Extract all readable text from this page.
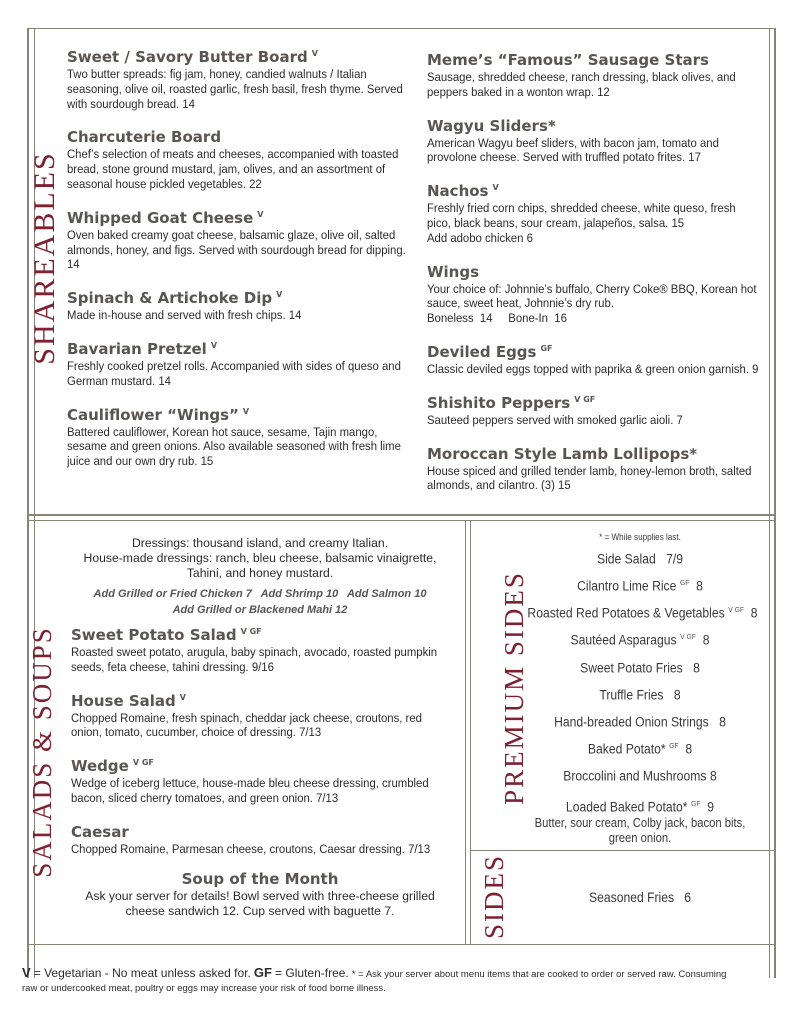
SHAREABLES
SALADS & SOUPS	PREMIUM SIDES
SIDES
Sweet / Savory Butter Board $^V$
Two butter spreads: fig jam, honey, candied walnuts / Italian seasoning, olive oil, roasted garlic, fresh basil, fresh thyme. Served with sourdough bread. 14
Charcuterie Board
Chef’s selection of meats and cheeses, accompanied with toasted bread, stone ground mustard, jam, olives, and an assortment of seasonal house pickled vegetables. 22
Whipped Goat Cheese $^V$
Oven baked creamy goat cheese, balsamic glaze, olive oil, salted almonds, honey, and figs. Served with sourdough bread for dipping. 14
Spinach & Artichoke Dip $^V$
Made in-house and served with fresh chips. 14
Bavarian Pretzel $^V$
Freshly cooked pretzel rolls. Accompanied with sides of queso and German mustard. 14
Cauliflower “Wings” $^V$
Battered cauliflower, Korean hot sauce, sesame, Tajin mango, sesame and green onions. Also available seasoned with fresh lime juice and our own dry rub. 15
Meme’s “Famous” Sausage Stars
Sausage, shredded cheese, ranch dressing, black olives, and peppers baked in a wonton wrap. 12
Wagyu Sliders*
American Wagyu beef sliders, with bacon jam, tomato and provolone cheese. Served with truffled potato frites. 17
Nachos $^V$
Freshly fried corn chips, shredded cheese, white queso, fresh pico, black beans, sour cream, jalapeños, salsa. 15
Add adobo chicken 6
Wings
Your choice of: Johnnie’s buffalo, Cherry Coke® BBQ, Korean hot sauce, sweet heat, Johnnie’s dry rub.
Boneless  14     Bone-In  16
Deviled Eggs $^{GF}$
Classic deviled eggs topped with paprika & green onion garnish. 9
Shishito Peppers $^{V GF}$
Sauteed peppers served with smoked garlic aioli. 7
Moroccan Style Lamb Lollipops*
House spiced and grilled tender lamb, honey-lemon broth, salted almonds, and cilantro. (3) 15
Dressings: thousand island, and creamy Italian.
House-made dressings: ranch, bleu cheese, balsamic vinaigrette,
Tahini, and honey mustard.
Add Grilled or Fried Chicken 7   Add Shrimp 10   Add Salmon 10
Add Grilled or Blackened Mahi 12
Sweet Potato Salad $^{V GF}$
Roasted sweet potato, arugula, baby spinach, avocado, roasted pumpkin seeds, feta cheese, tahini dressing. 9/16
House Salad $^V$
Chopped Romaine, fresh spinach, cheddar jack cheese, croutons, red onion, tomato, cucumber, choice of dressing. 7/13
Wedge $^{V GF}$
Wedge of iceberg lettuce, house-made bleu cheese dressing, crumbled bacon, sliced cherry tomatoes, and green onion. 7/13
Caesar
Chopped Romaine, Parmesan cheese, croutons, Caesar dressing. 7/13
Soup of the Month
Ask your server for details! Bowl served with three-cheese grilled
cheese sandwich 12. Cup served with baguette 7.
* = While supplies last.
Side Salad 7/9
Cilantro Lime Rice $^{GF}$ 8
Roasted Red Potatoes & Vegetables $^{V GF}$ 8
Sautéed Asparagus $^{V GF}$ 8
Sweet Potato Fries 8
Truffle Fries 8
Hand-breaded Onion Strings 8
Baked Potato* $^{GF}$ 8
Broccolini and Mushrooms 8
Loaded Baked Potato* $^{GF}$ 9
Butter, sour cream, Colby jack, bacon bits,
green onion.
Seasoned Fries 6
V = Vegetarian - No meat unless asked for. GF = Gluten-free. * = Ask your server about menu items that are cooked to order or served raw. Consuming
raw or undercooked meat, poultry or eggs may increase your risk of food borne illness.
